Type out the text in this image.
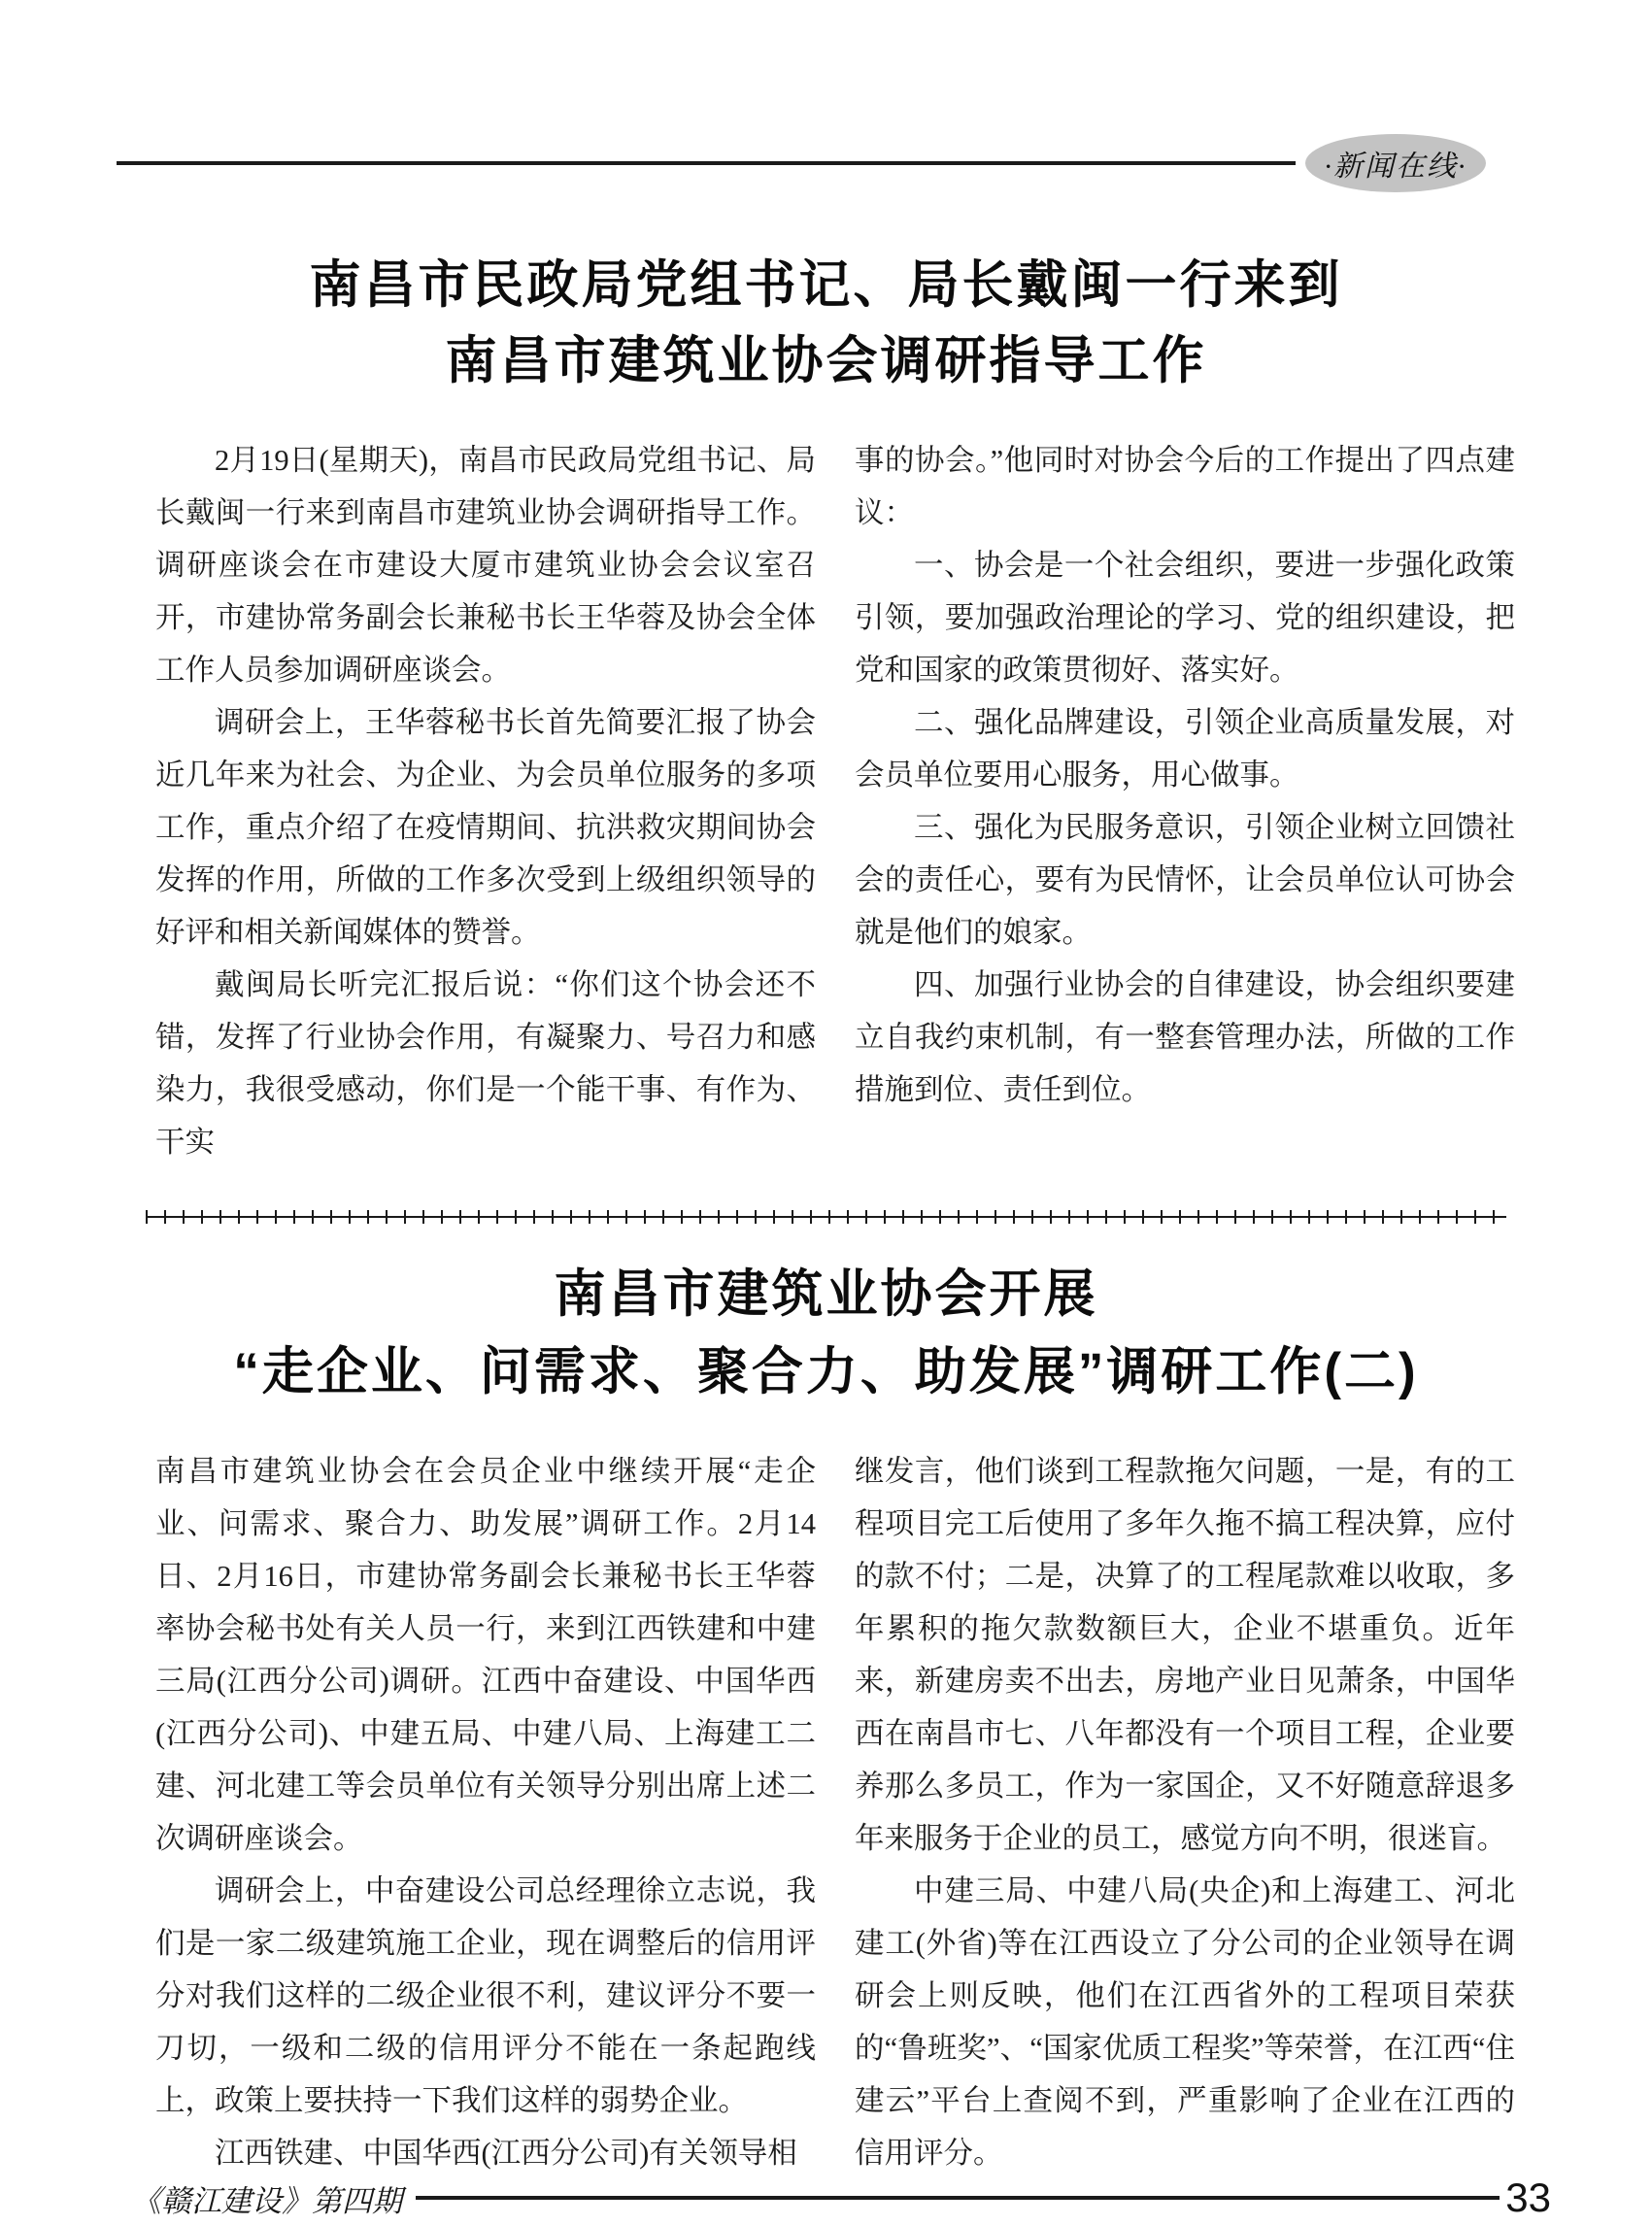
·新闻在线·
南昌市民政局党组书记、局长戴闽一行来到
南昌市建筑业协会调研指导工作

2月19日(星期天)，南昌市民政局党组书记、局长戴闽一行来到南昌市建筑业协会调研指导工作。调研座谈会在市建设大厦市建筑业协会会议室召开，市建协常务副会长兼秘书长王华蓉及协会全体工作人员参加调研座谈会。

调研会上，王华蓉秘书长首先简要汇报了协会近几年来为社会、为企业、为会员单位服务的多项工作，重点介绍了在疫情期间、抗洪救灾期间协会发挥的作用，所做的工作多次受到上级组织领导的好评和相关新闻媒体的赞誉。

戴闽局长听完汇报后说：“你们这个协会还不错，发挥了行业协会作用，有凝聚力、号召力和感染力，我很受感动，你们是一个能干事、有作为、干实

事的协会。”他同时对协会今后的工作提出了四点建议：

一、协会是一个社会组织，要进一步强化政策引领，要加强政治理论的学习、党的组织建设，把党和国家的政策贯彻好、落实好。

二、强化品牌建设，引领企业高质量发展，对会员单位要用心服务，用心做事。

三、强化为民服务意识，引领企业树立回馈社会的责任心，要有为民情怀，让会员单位认可协会就是他们的娘家。

四、加强行业协会的自律建设，协会组织要建立自我约束机制，有一整套管理办法，所做的工作措施到位、责任到位。

南昌市建筑业协会开展
“走企业、问需求、聚合力、助发展”调研工作(二)

南昌市建筑业协会在会员企业中继续开展“走企业、问需求、聚合力、助发展”调研工作。2月14日、2月16日，市建协常务副会长兼秘书长王华蓉率协会秘书处有关人员一行，来到江西铁建和中建三局(江西分公司)调研。江西中奋建设、中国华西(江西分公司)、中建五局、中建八局、上海建工二建、河北建工等会员单位有关领导分别出席上述二次调研座谈会。

调研会上，中奋建设公司总经理徐立志说，我们是一家二级建筑施工企业，现在调整后的信用评分对我们这样的二级企业很不利，建议评分不要一刀切，一级和二级的信用评分不能在一条起跑线上，政策上要扶持一下我们这样的弱势企业。

江西铁建、中国华西(江西分公司)有关领导相

继发言，他们谈到工程款拖欠问题，一是，有的工程项目完工后使用了多年久拖不搞工程决算，应付的款不付；二是，决算了的工程尾款难以收取，多年累积的拖欠款数额巨大，企业不堪重负。近年来，新建房卖不出去，房地产业日见萧条，中国华西在南昌市七、八年都没有一个项目工程，企业要养那么多员工，作为一家国企，又不好随意辞退多年来服务于企业的员工，感觉方向不明，很迷盲。

中建三局、中建八局(央企)和上海建工、河北建工(外省)等在江西设立了分公司的企业领导在调研会上则反映，他们在江西省外的工程项目荣获的“鲁班奖”、“国家优质工程奖”等荣誉，在江西“住建云”平台上查阅不到，严重影响了企业在江西的信用评分。

《赣江建设》第四期	33
